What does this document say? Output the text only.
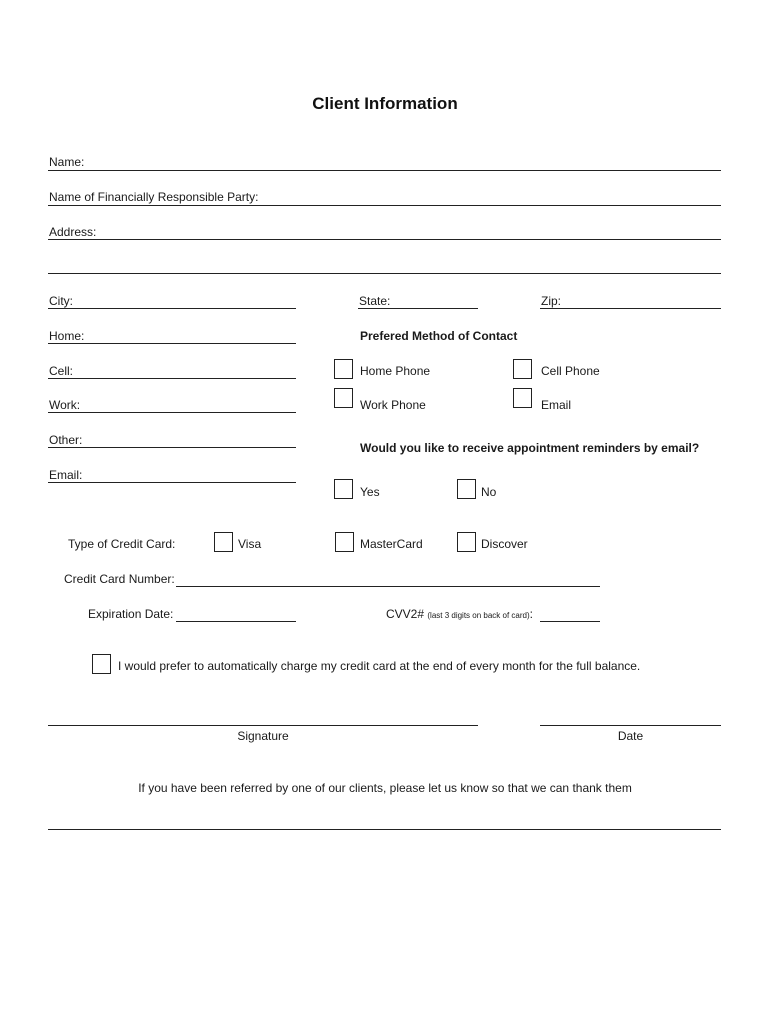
Client Information
Name:
Name of Financially Responsible Party:
Address:
City:	State:	Zip:
Home:
Cell:
Work:
Other:
Email:
Prefered Method of Contact
Home Phone	Cell Phone
Work Phone	Email
Would you like to receive appointment reminders by email?
Yes	No
Type of Credit Card:	Visa	MasterCard	Discover
Credit Card Number:
Expiration Date:	CVV2# (last 3 digits on back of card):
I would prefer to automatically charge my credit card at the end of every month for the full balance.
Signature	Date
If you have been referred by one of our clients, please let us know so that we can thank them
